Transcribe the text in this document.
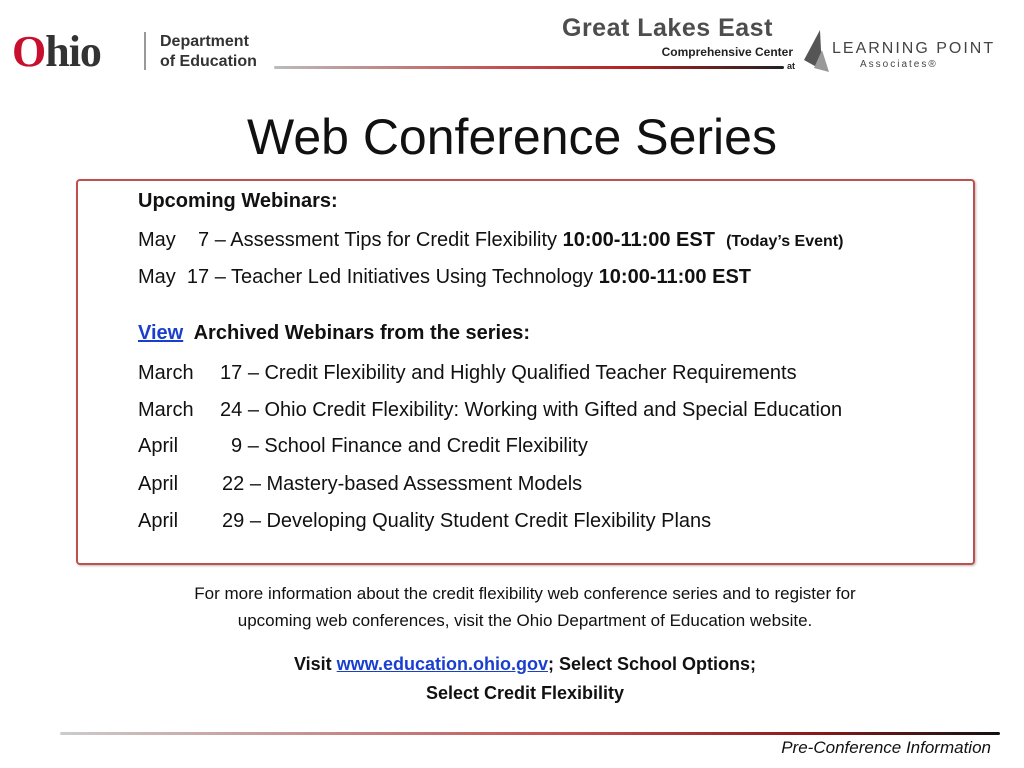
Ohio	Department
of Education
Great Lakes East
Comprehensive Center
at
LEARNING POINT
Associates®
Web Conference Series
Upcoming Webinars:
May 7 – Assessment Tips for Credit Flexibility 10:00-11:00 EST (Today’s Event)
May 17 – Teacher Led Initiatives Using Technology 10:00-11:00 EST
View Archived Webinars from the series:
March 17 – Credit Flexibility and Highly Qualified Teacher Requirements
March 24 – Ohio Credit Flexibility: Working with Gifted and Special Education
April	9 – School Finance and Credit Flexibility
April 22 – Mastery-based Assessment Models
April 29 – Developing Quality Student Credit Flexibility Plans
For more information about the credit flexibility web conference series and to register for
upcoming web conferences, visit the Ohio Department of Education website.
Visit www.education.ohio.gov; Select School Options;
Select Credit Flexibility
Pre-Conference Information
